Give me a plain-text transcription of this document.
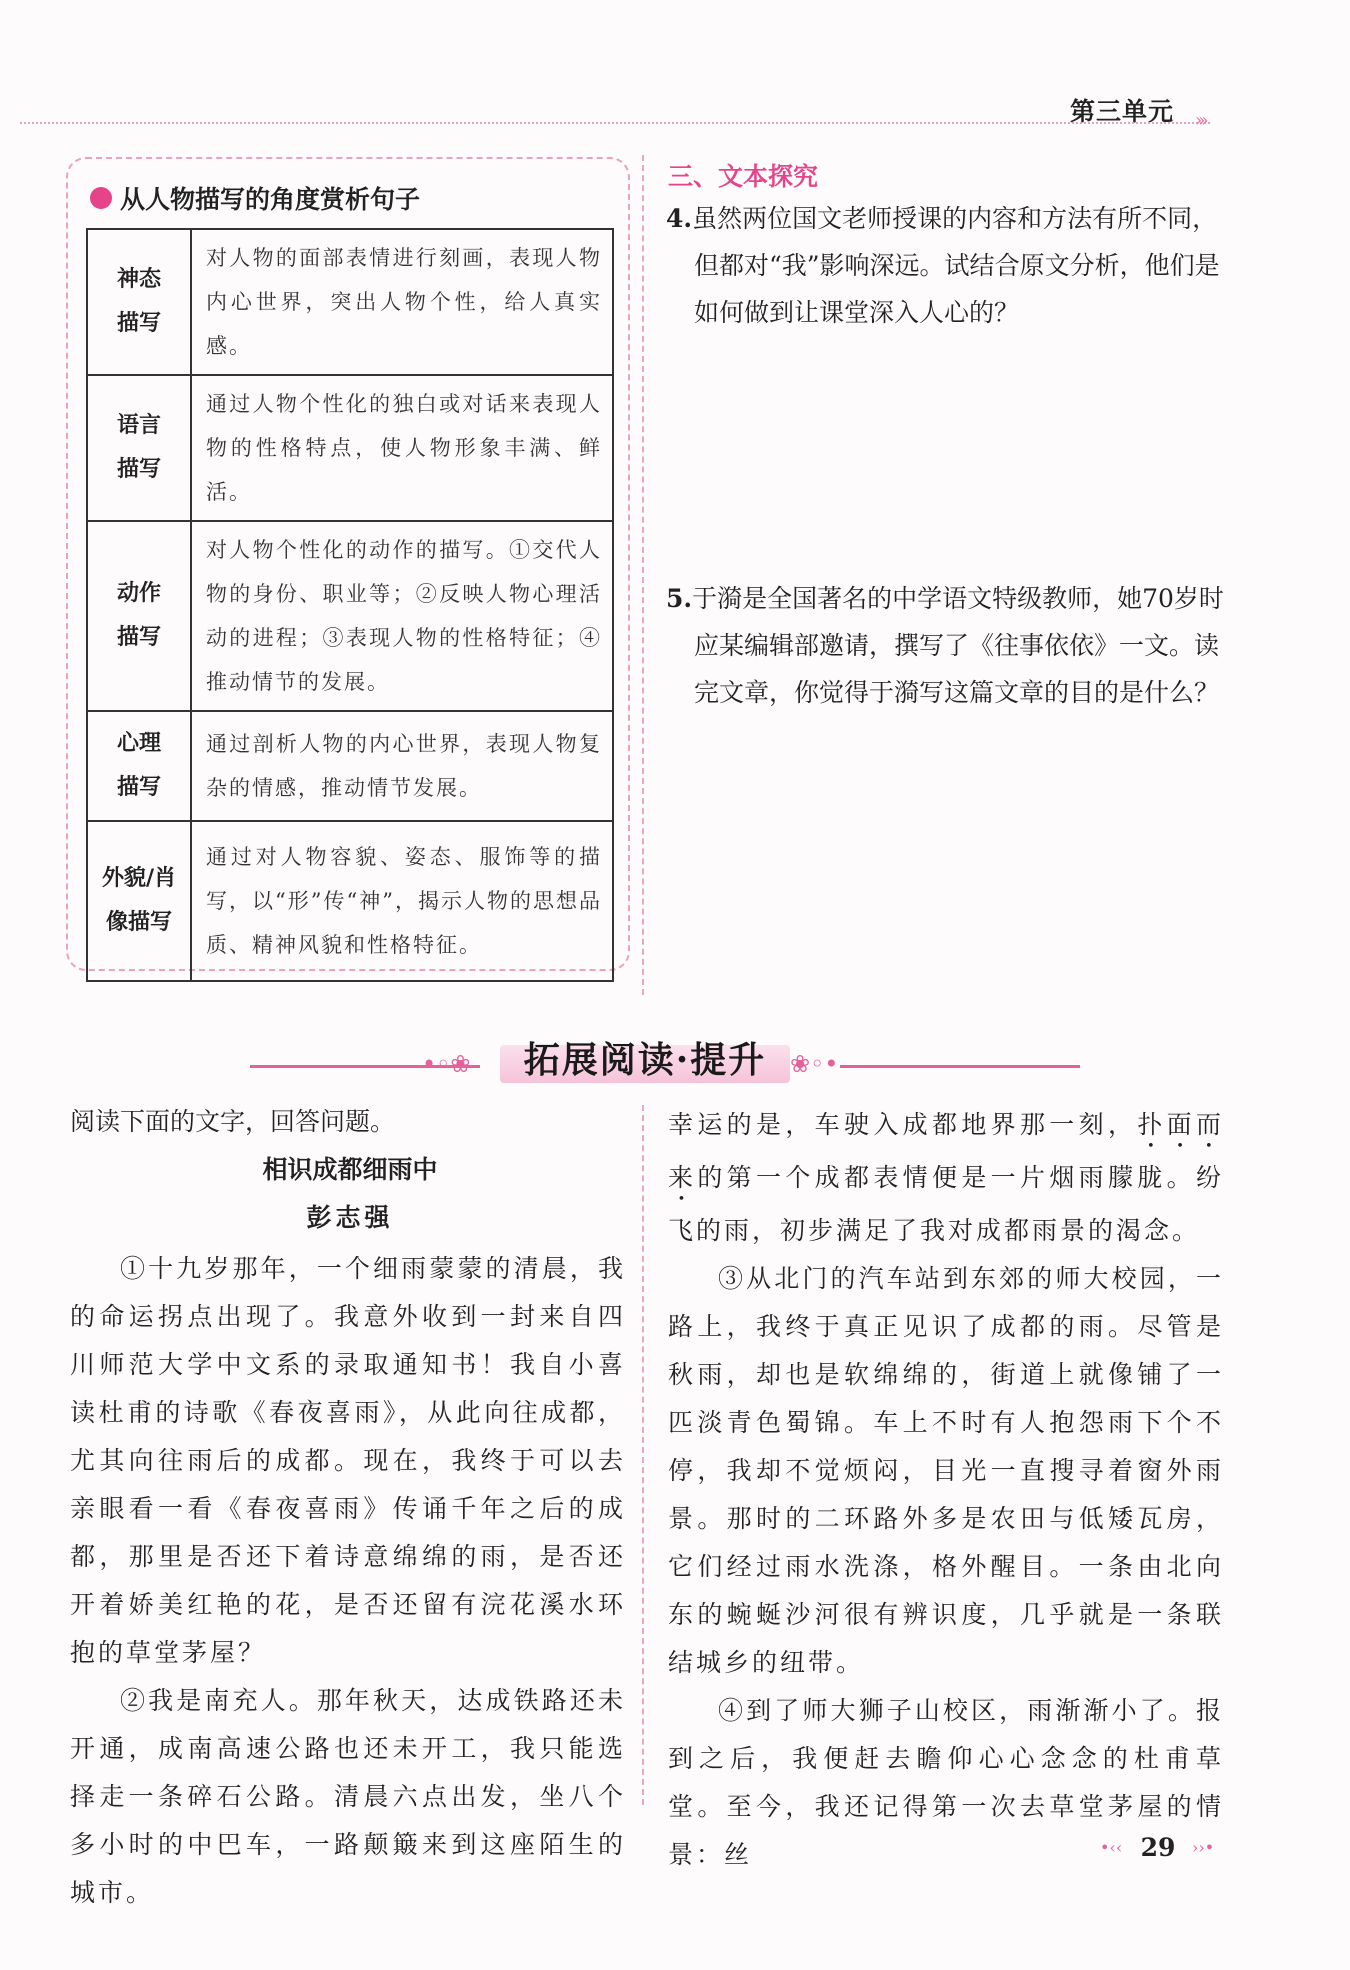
第三单元 ›››
从人物描写的角度赏析句子
神态
描写	对人物的面部表情进行刻画，表现人物内心世界，突出人物个性，给人真实感。

语言
描写	通过人物个性化的独白或对话来表现人物的性格特点，使人物形象丰满、鲜活。

动作
描写	对人物个性化的动作的描写。①交代人物的身份、职业等；②反映人物心理活动的进程；③表现人物的性格特征；④推动情节的发展。

心理
描写	通过剖析人物的内心世界，表现人物复杂的情感，推动情节发展。

外貌/肖
像描写	通过对人物容貌、姿态、服饰等的描写，以“形”传“神”，揭示人物的思想品质、精神风貌和性格特征。
三、文本探究
4.虽然两位国文老师授课的内容和方法有所不同，但都对“我”影响深远。试结合原文分析，他们是如何做到让课堂深入人心的？
5.于漪是全国著名的中学语文特级教师，她70岁时应某编辑部邀请，撰写了《往事依依》一文。读完文章，你觉得于漪写这篇文章的目的是什么？
•◦❀	❀◦•
拓展阅读·提升
阅读下面的文字，回答问题。
相识成都细雨中
彭志强

①十九岁那年，一个细雨蒙蒙的清晨，我的命运拐点出现了。我意外收到一封来自四川师范大学中文系的录取通知书！我自小喜读杜甫的诗歌《春夜喜雨》，从此向往成都，尤其向往雨后的成都。现在，我终于可以去亲眼看一看《春夜喜雨》传诵千年之后的成都，那里是否还下着诗意绵绵的雨，是否还开着娇美红艳的花，是否还留有浣花溪水环抱的草堂茅屋？

②我是南充人。那年秋天，达成铁路还未开通，成南高速公路也还未开工，我只能选择走一条碎石公路。清晨六点出发，坐八个多小时的中巴车，一路颠簸来到这座陌生的城市。

幸运的是，车驶入成都地界那一刻，扑面而来的第一个成都表情便是一片烟雨朦胧。纷飞的雨，初步满足了我对成都雨景的渴念。

③从北门的汽车站到东郊的师大校园，一路上，我终于真正见识了成都的雨。尽管是秋雨，却也是软绵绵的，街道上就像铺了一匹淡青色蜀锦。车上不时有人抱怨雨下个不停，我却不觉烦闷，目光一直搜寻着窗外雨景。那时的二环路外多是农田与低矮瓦房，它们经过雨水洗涤，格外醒目。一条由北向东的蜿蜒沙河很有辨识度，几乎就是一条联结城乡的纽带。

④到了师大狮子山校区，雨渐渐小了。报到之后，我便赶去瞻仰心心念念的杜甫草堂。至今，我还记得第一次去草堂茅屋的情景：丝	•‹‹ 29	››•
